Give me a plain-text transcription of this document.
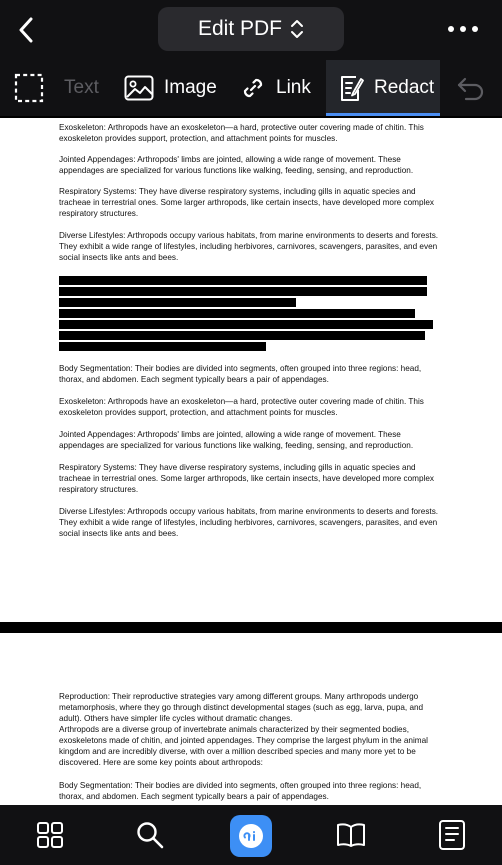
Edit PDF
Text	Image	Link	Redact

Exoskeleton: Arthropods have an exoskeleton—a hard, protective outer covering made of chitin. This exoskeleton provides support, protection, and attachment points for muscles.

Jointed Appendages: Arthropods' limbs are jointed, allowing a wide range of movement. These appendages are specialized for various functions like walking, feeding, sensing, and reproduction.

Respiratory Systems: They have diverse respiratory systems, including gills in aquatic species and tracheae in terrestrial ones. Some larger arthropods, like certain insects, have developed more complex respiratory structures.

Diverse Lifestyles: Arthropods occupy various habitats, from marine environments to deserts and forests. They exhibit a wide range of lifestyles, including herbivores, carnivores, scavengers, parasites, and even social insects like ants and bees.

Body Segmentation: Their bodies are divided into segments, often grouped into three regions: head, thorax, and abdomen. Each segment typically bears a pair of appendages.

Exoskeleton: Arthropods have an exoskeleton—a hard, protective outer covering made of chitin. This exoskeleton provides support, protection, and attachment points for muscles.

Jointed Appendages: Arthropods' limbs are jointed, allowing a wide range of movement. These appendages are specialized for various functions like walking, feeding, sensing, and reproduction.

Respiratory Systems: They have diverse respiratory systems, including gills in aquatic species and tracheae in terrestrial ones. Some larger arthropods, like certain insects, have developed more complex respiratory structures.

Diverse Lifestyles: Arthropods occupy various habitats, from marine environments to deserts and forests. They exhibit a wide range of lifestyles, including herbivores, carnivores, scavengers, parasites, and even social insects like ants and bees.

Reproduction: Their reproductive strategies vary among different groups. Many arthropods undergo metamorphosis, where they go through distinct developmental stages (such as egg, larva, pupa, and adult). Others have simpler life cycles without dramatic changes.

Arthropods are a diverse group of invertebrate animals characterized by their segmented bodies, exoskeletons made of chitin, and jointed appendages. They comprise the largest phylum in the animal kingdom and are incredibly diverse, with over a million described species and many more yet to be discovered. Here are some key points about arthropods:

Body Segmentation: Their bodies are divided into segments, often grouped into three regions: head, thorax, and abdomen. Each segment typically bears a pair of appendages.
